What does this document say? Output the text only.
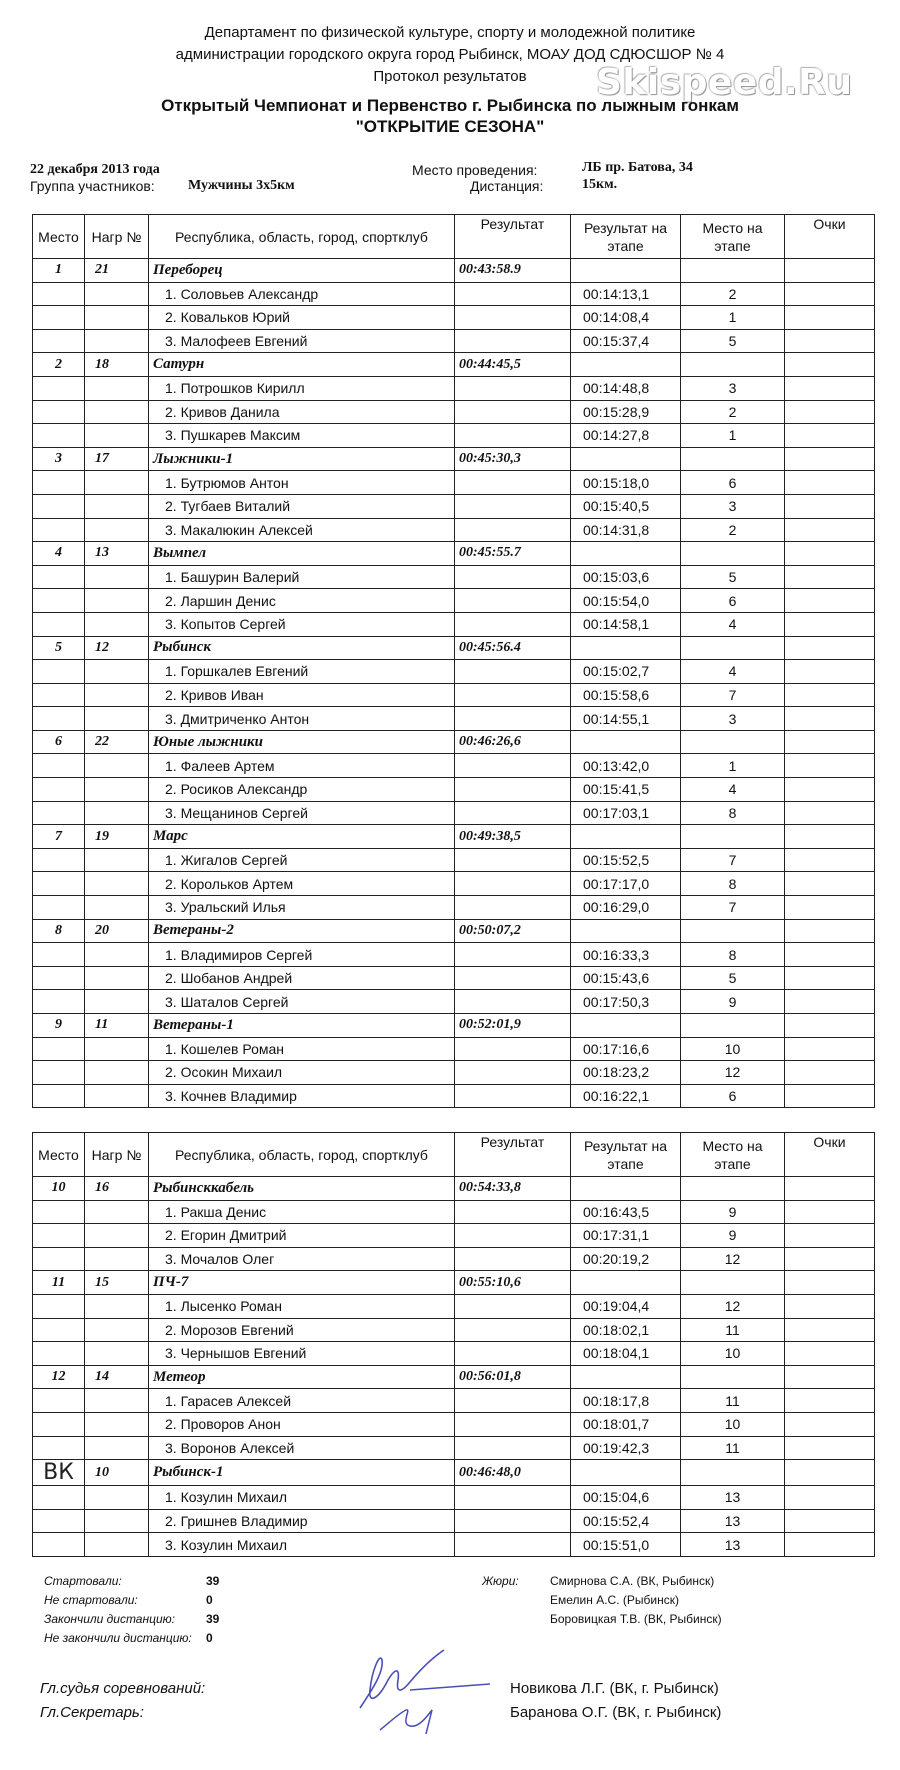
Департамент по физической культуре, спорту и молодежной политике
администрации городского округа город Рыбинск, МОАУ ДОД СДЮСШОР № 4
Протокол результатов	Skispeed.Ru
Открытый Чемпионат и Первенство г. Рыбинска по лыжным гонкам
"ОТКРЫТИЕ СЕЗОНА"
22 декабря 2013 года
Группа участников: Мужчины 3х5км
Место проведения:	ЛБ пр. Батова, 34
Дистанция:	15км.
Место	Нагр №	Республика, область, город, спортклуб	Результат	Результат на этапе	Место на этапе	Очки
1	21	Переборец	00:43:58.9			
		1. Соловьев Александр		00:14:13,1	2	
		2. Ковальков Юрий		00:14:08,4	1	
		3. Малофеев Евгений		00:15:37,4	5	
2	18	Сатурн	00:44:45,5			
		1. Потрошков Кирилл		00:14:48,8	3	
		2. Кривов Данила		00:15:28,9	2	
		3. Пушкарев Максим		00:14:27,8	1	
3	17	Лыжники-1	00:45:30,3			
		1. Бутрюмов Антон		00:15:18,0	6	
		2. Тугбаев Виталий		00:15:40,5	3	
		3. Макалюкин Алексей		00:14:31,8	2	
4	13	Вымпел	00:45:55.7			
		1. Башурин Валерий		00:15:03,6	5	
		2. Ларшин Денис		00:15:54,0	6	
		3. Копытов Сергей		00:14:58,1	4	
5	12	Рыбинск	00:45:56.4			
		1. Горшкалев Евгений		00:15:02,7	4	
		2. Кривов Иван		00:15:58,6	7	
		3. Дмитриченко Антон		00:14:55,1	3	
6	22	Юные лыжники	00:46:26,6			
		1. Фалеев Артем		00:13:42,0	1	
		2. Росиков Александр		00:15:41,5	4	
		3. Мещанинов Сергей		00:17:03,1	8	
7	19	Марс	00:49:38,5			
		1. Жигалов Сергей		00:15:52,5	7	
		2. Корольков Артем		00:17:17,0	8	
		3. Уральский Илья		00:16:29,0	7	
8	20	Ветераны-2	00:50:07,2			
		1. Владимиров Сергей		00:16:33,3	8	
		2. Шобанов Андрей		00:15:43,6	5	
		3. Шаталов Сергей		00:17:50,3	9	
9	11	Ветераны-1	00:52:01,9			
		1. Кошелев Роман		00:17:16,6	10	
		2. Осокин Михаил		00:18:23,2	12	
		3. Кочнев Владимир		00:16:22,1	6	
Место	Нагр №	Республика, область, город, спортклуб	Результат	Результат на этапе	Место на этапе	Очки
10	16	Рыбинсккабель	00:54:33,8			
		1. Ракша Денис		00:16:43,5	9	
		2. Егорин Дмитрий		00:17:31,1	9	
		3. Мочалов Олег		00:20:19,2	12	
11	15	ПЧ-7	00:55:10,6			
		1. Лысенко Роман		00:19:04,4	12	
		2. Морозов Евгений		00:18:02,1	11	
		3. Чернышов Евгений		00:18:04,1	10	
12	14	Метеор	00:56:01,8			
		1. Гарасев Алексей		00:18:17,8	11	
		2. Проворов Анон		00:18:01,7	10	
		3. Воронов Алексей		00:19:42,3	11	
ВК	10	Рыбинск-1	00:46:48,0			
		1. Козулин Михаил		00:15:04,6	13	
		2. Гришнев Владимир		00:15:52,4	13	
		3. Козулин Михаил		00:15:51,0	13	
Стартовали:	39
Не стартовали:	0
Закончили дистанцию:	39
Не закончили дистанцию: 0
Жюри:	Смирнова С.А. (ВК, Рыбинск)
Емелин А.С. (Рыбинск)
Боровицкая Т.В. (ВК, Рыбинск)
Гл.судья соревнований:	Новикова Л.Г. (ВК, г. Рыбинск)
Гл.Секретарь:	Баранова О.Г. (ВК, г. Рыбинск)
